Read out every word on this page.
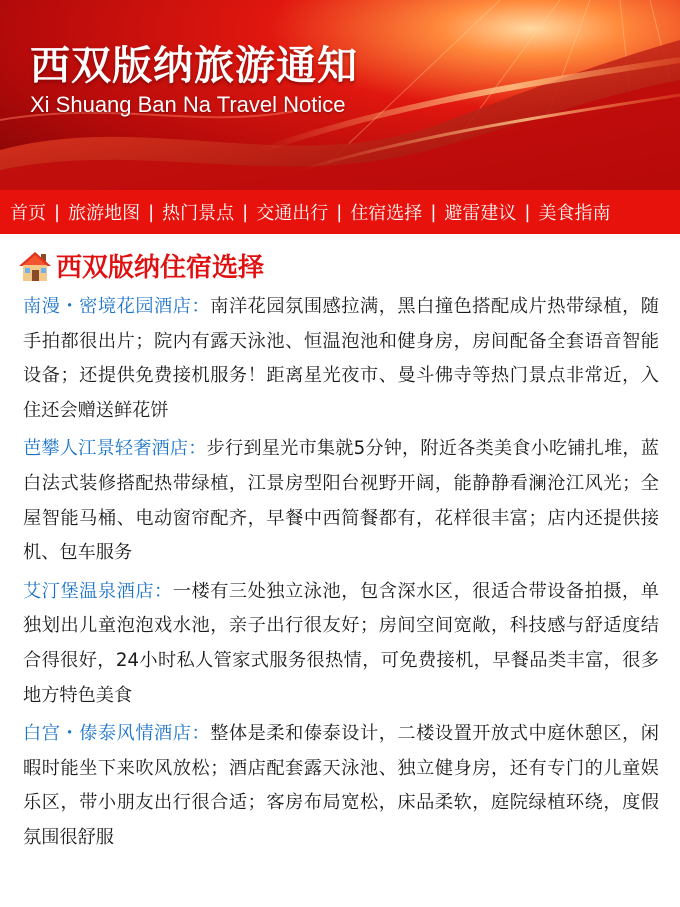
西双版纳旅游通知
Xi Shuang Ban Na Travel Notice
首页 | 旅游地图 | 热门景点 | 交通出行 | 住宿选择 | 避雷建议 | 美食指南
西双版纳住宿选择

南漫・密境花园酒店：南洋花园氛围感拉满，黑白撞色搭配成片热带绿植，随手拍都很出片；院内有露天泳池、恒温泡池和健身房，房间配备全套语音智能设备；还提供免费接机服务！距离星光夜市、曼斗佛寺等热门景点非常近，入住还会赠送鲜花饼

芭攀人江景轻奢酒店：步行到星光市集就5分钟，附近各类美食小吃铺扎堆，蓝白法式装修搭配热带绿植，江景房型阳台视野开阔，能静静看澜沧江风光；全屋智能马桶、电动窗帘配齐，早餐中西简餐都有，花样很丰富；店内还提供接机、包车服务

艾汀堡温泉酒店：一楼有三处独立泳池，包含深水区，很适合带设备拍摄，单独划出儿童泡泡戏水池，亲子出行很友好；房间空间宽敞，科技感与舒适度结合得很好，24小时私人管家式服务很热情，可免费接机，早餐品类丰富，很多地方特色美食

白宫・傣泰风情酒店：整体是柔和傣泰设计，二楼设置开放式中庭休憩区，闲暇时能坐下来吹风放松；酒店配套露天泳池、独立健身房，还有专门的儿童娱乐区，带小朋友出行很合适；客房布局宽松，床品柔软，庭院绿植环绕，度假氛围很舒服
